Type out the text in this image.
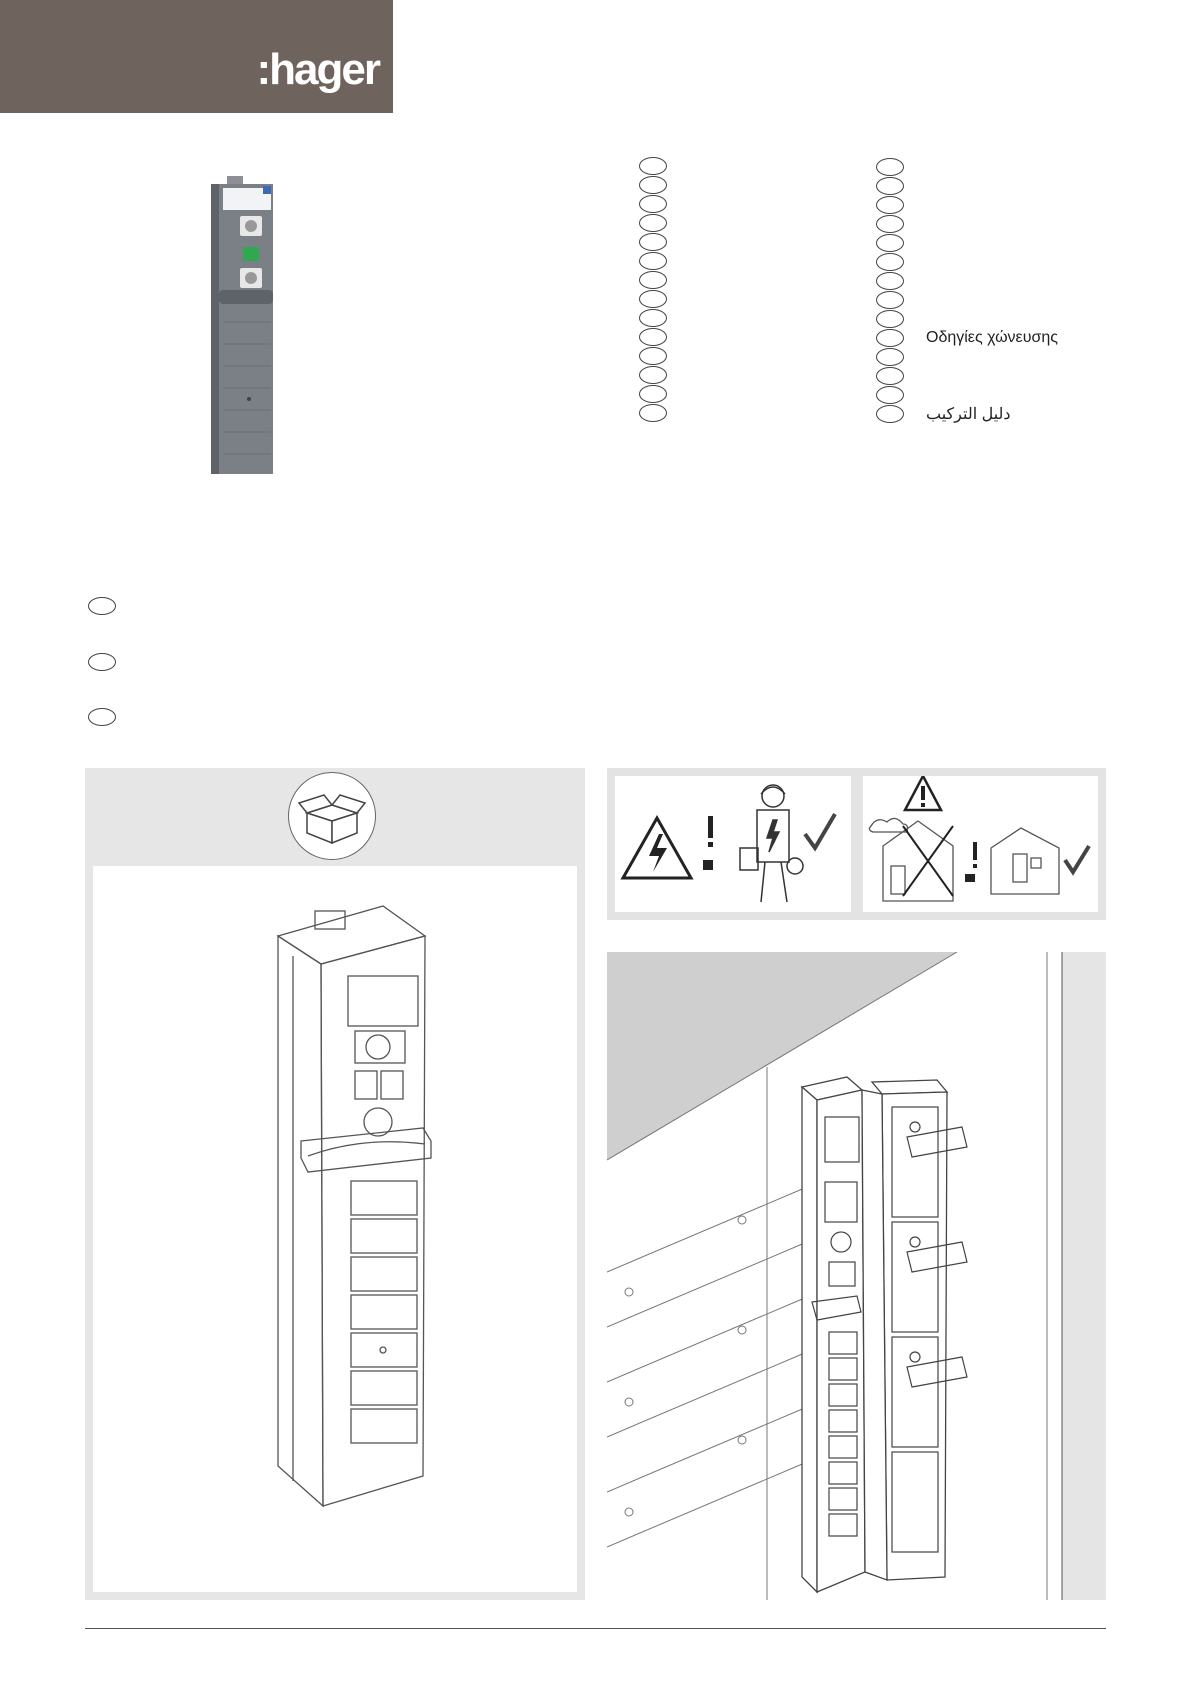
:hager
Οδηγίες χώνευσης
دليل التركيب
